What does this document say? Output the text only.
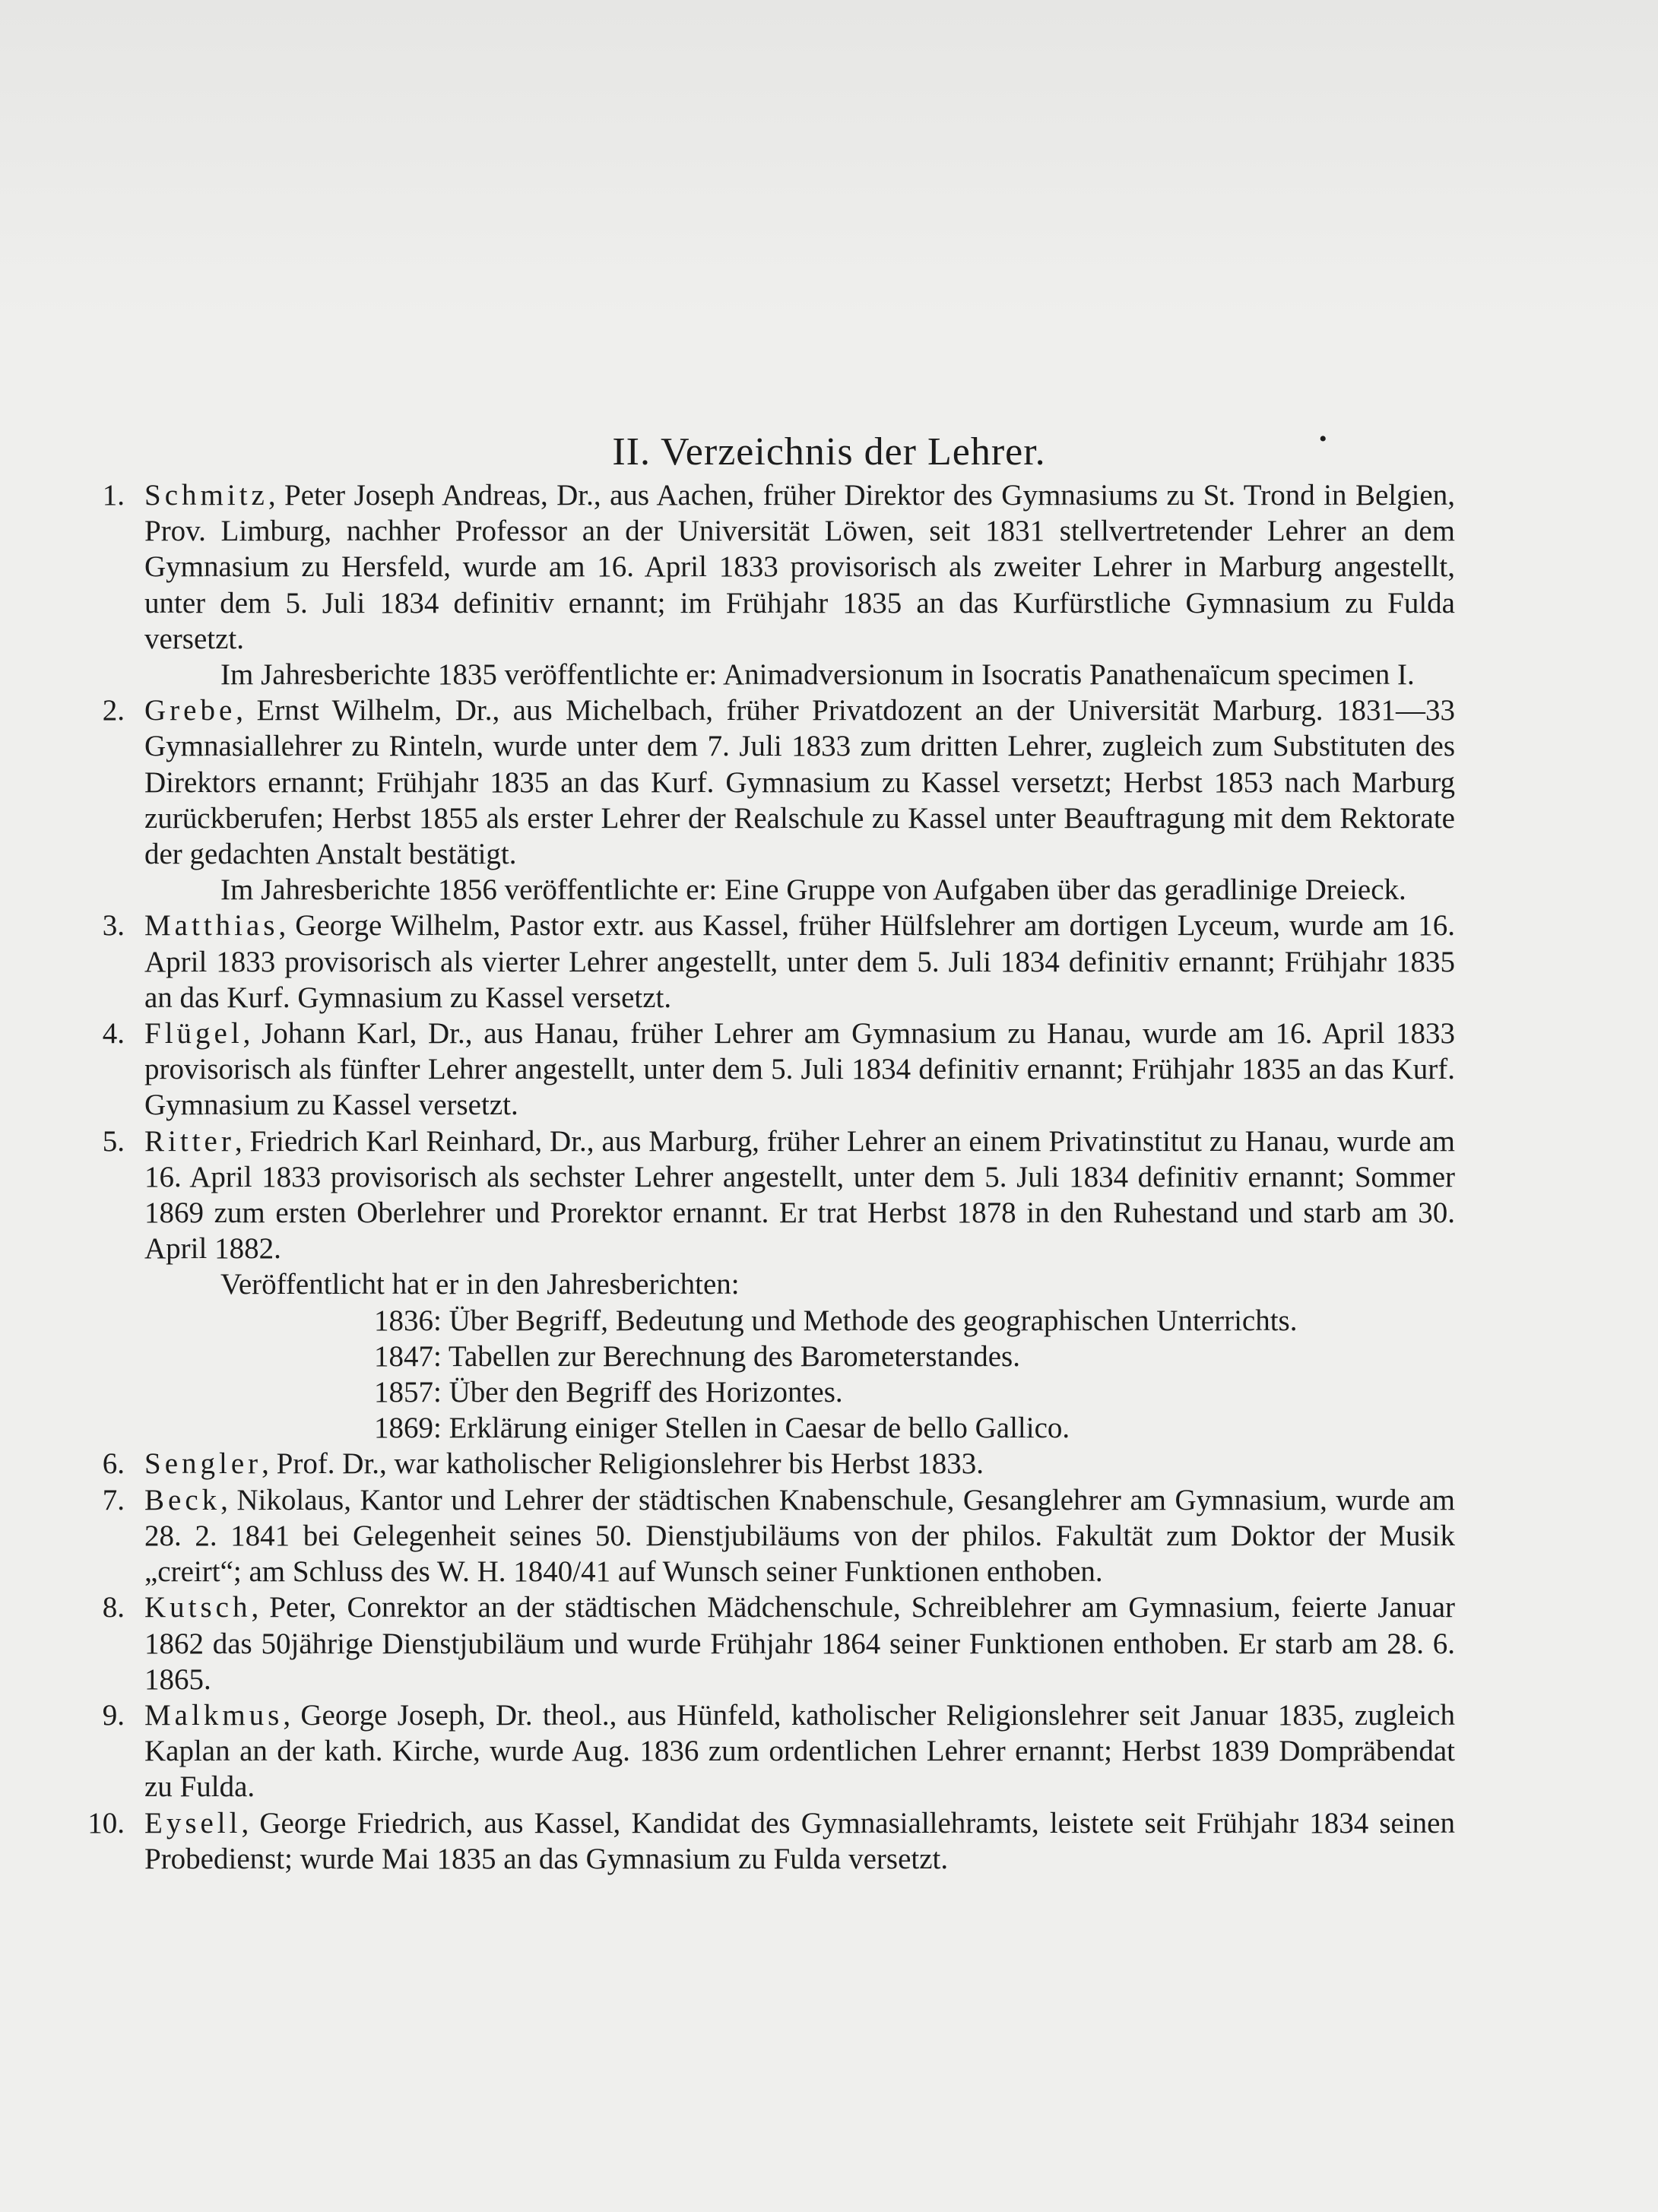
II. Verzeichnis der Lehrer.	•
1. Schmitz, Peter Joseph Andreas, Dr., aus Aachen, früher Direktor des Gymnasiums zu St. Trond in Belgien, Prov. Limburg, nachher Professor an der Universität Löwen, seit 1831 stellvertretender Lehrer an dem Gymnasium zu Hersfeld, wurde am 16. April 1833 provisorisch als zweiter Lehrer in Marburg angestellt, unter dem 5. Juli 1834 definitiv ernannt; im Frühjahr 1835 an das Kurfürstliche Gymnasium zu Fulda versetzt.

Im Jahresberichte 1835 veröffentlichte er: Animadversionum in Isocratis Panathenaïcum specimen I.

2. Grebe, Ernst Wilhelm, Dr., aus Michelbach, früher Privatdozent an der Universität Marburg. 1831—33 Gymnasiallehrer zu Rinteln, wurde unter dem 7. Juli 1833 zum dritten Lehrer, zugleich zum Substituten des Direktors ernannt; Frühjahr 1835 an das Kurf. Gymnasium zu Kassel versetzt; Herbst 1853 nach Marburg zurückberufen; Herbst 1855 als erster Lehrer der Realschule zu Kassel unter Beauftragung mit dem Rektorate der gedachten Anstalt bestätigt.

Im Jahresberichte 1856 veröffentlichte er: Eine Gruppe von Aufgaben über das geradlinige Dreieck.

3. Matthias, George Wilhelm, Pastor extr. aus Kassel, früher Hülfslehrer am dortigen Lyceum, wurde am 16. April 1833 provisorisch als vierter Lehrer angestellt, unter dem 5. Juli 1834 definitiv ernannt; Frühjahr 1835 an das Kurf. Gymnasium zu Kassel versetzt.

4. Flügel, Johann Karl, Dr., aus Hanau, früher Lehrer am Gymnasium zu Hanau, wurde am 16. April 1833 provisorisch als fünfter Lehrer angestellt, unter dem 5. Juli 1834 definitiv ernannt; Frühjahr 1835 an das Kurf. Gymnasium zu Kassel versetzt.

5. Ritter, Friedrich Karl Reinhard, Dr., aus Marburg, früher Lehrer an einem Privatinstitut zu Hanau, wurde am 16. April 1833 provisorisch als sechster Lehrer angestellt, unter dem 5. Juli 1834 definitiv ernannt; Sommer 1869 zum ersten Oberlehrer und Prorektor ernannt. Er trat Herbst 1878 in den Ruhestand und starb am 30. April 1882.

Veröffentlicht hat er in den Jahresberichten:

1836: Über Begriff, Bedeutung und Methode des geographischen Unterrichts.

1847: Tabellen zur Berechnung des Barometerstandes.

1857: Über den Begriff des Horizontes.

1869: Erklärung einiger Stellen in Caesar de bello Gallico.

6. Sengler, Prof. Dr., war katholischer Religionslehrer bis Herbst 1833.

7. Beck, Nikolaus, Kantor und Lehrer der städtischen Knabenschule, Gesanglehrer am Gymnasium, wurde am 28. 2. 1841 bei Gelegenheit seines 50. Dienstjubiläums von der philos. Fakultät zum Doktor der Musik „creirt“; am Schluss des W. H. 1840/41 auf Wunsch seiner Funktionen enthoben.

8. Kutsch, Peter, Conrektor an der städtischen Mädchenschule, Schreiblehrer am Gymnasium, feierte Januar 1862 das 50jährige Dienstjubiläum und wurde Frühjahr 1864 seiner Funktionen enthoben. Er starb am 28. 6. 1865.

9. Malkmus, George Joseph, Dr. theol., aus Hünfeld, katholischer Religionslehrer seit Januar 1835, zugleich Kaplan an der kath. Kirche, wurde Aug. 1836 zum ordentlichen Lehrer ernannt; Herbst 1839 Dompräbendat zu Fulda.

10. Eysell, George Friedrich, aus Kassel, Kandidat des Gymnasiallehramts, leistete seit Frühjahr 1834 seinen Probedienst; wurde Mai 1835 an das Gymnasium zu Fulda versetzt.
